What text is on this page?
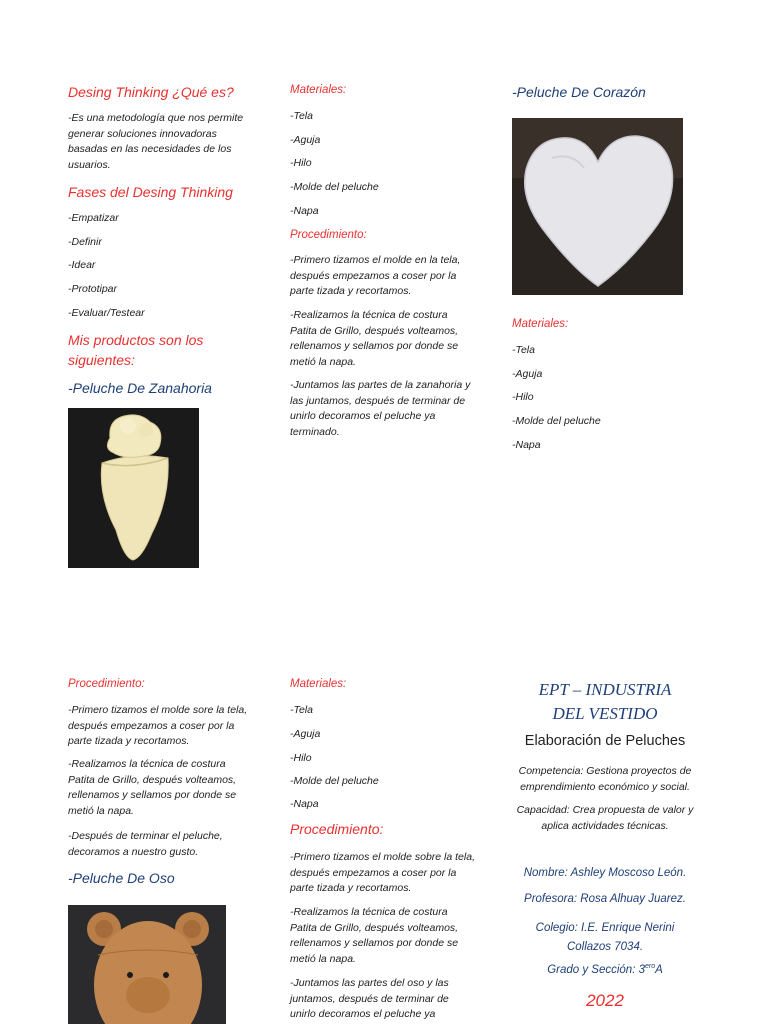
Desing Thinking ¿Qué es?
-Es una metodología que nos permite generar soluciones innovadoras basadas en las necesidades de los usuarios.
Fases del Desing Thinking
-Empatizar
-Definir
-Idear
-Prototipar
-Evaluar/Testear
Mis productos son los siguientes:
-Peluche De Zanahoria
Materiales:
-Tela
-Aguja
-Hilo
-Molde del peluche
-Napa
Procedimiento:
-Primero tizamos el molde en la tela, después empezamos a coser por la parte tizada y recortamos.
-Realizamos la técnica de costura Patita de Grillo, después volteamos, rellenamos y sellamos por donde se metió la napa.
-Juntamos las partes de la zanahoria y las juntamos, después de terminar de unirlo decoramos el peluche ya terminado.
-Peluche De Corazón
Materiales:
-Tela
-Aguja
-Hilo
-Molde del peluche
-Napa
Procedimiento:
-Primero tizamos el molde sore la tela, después empezamos a coser por la parte tizada y recortamos.
-Realizamos la técnica de costura Patita de Grillo, después volteamos, rellenamos y sellamos por donde se metió la napa.
-Después de terminar el peluche, decoramos a nuestro gusto.
-Peluche De Oso
Materiales:
-Tela
-Aguja
-Hilo
-Molde del peluche
-Napa
Procedimiento:
-Primero tizamos el molde sobre la tela, después empezamos a coser por la parte tizada y recortamos.
-Realizamos la técnica de costura Patita de Grillo, después volteamos, rellenamos y sellamos por donde se metió la napa.
-Juntamos las partes del oso y las juntamos, después de terminar de unirlo decoramos el peluche ya
EPT – INDUSTRIA
DEL VESTIDO
Elaboración de Peluches
Competencia: Gestiona proyectos de emprendimiento económico y social.
Capacidad: Crea propuesta de valor y aplica actividades técnicas.
Nombre: Ashley Moscoso León.
Profesora: Rosa Alhuay Juarez.
Colegio: I.E. Enrique Nerini Collazos 7034.
Grado y Sección: $3^{ero}A$
2022
